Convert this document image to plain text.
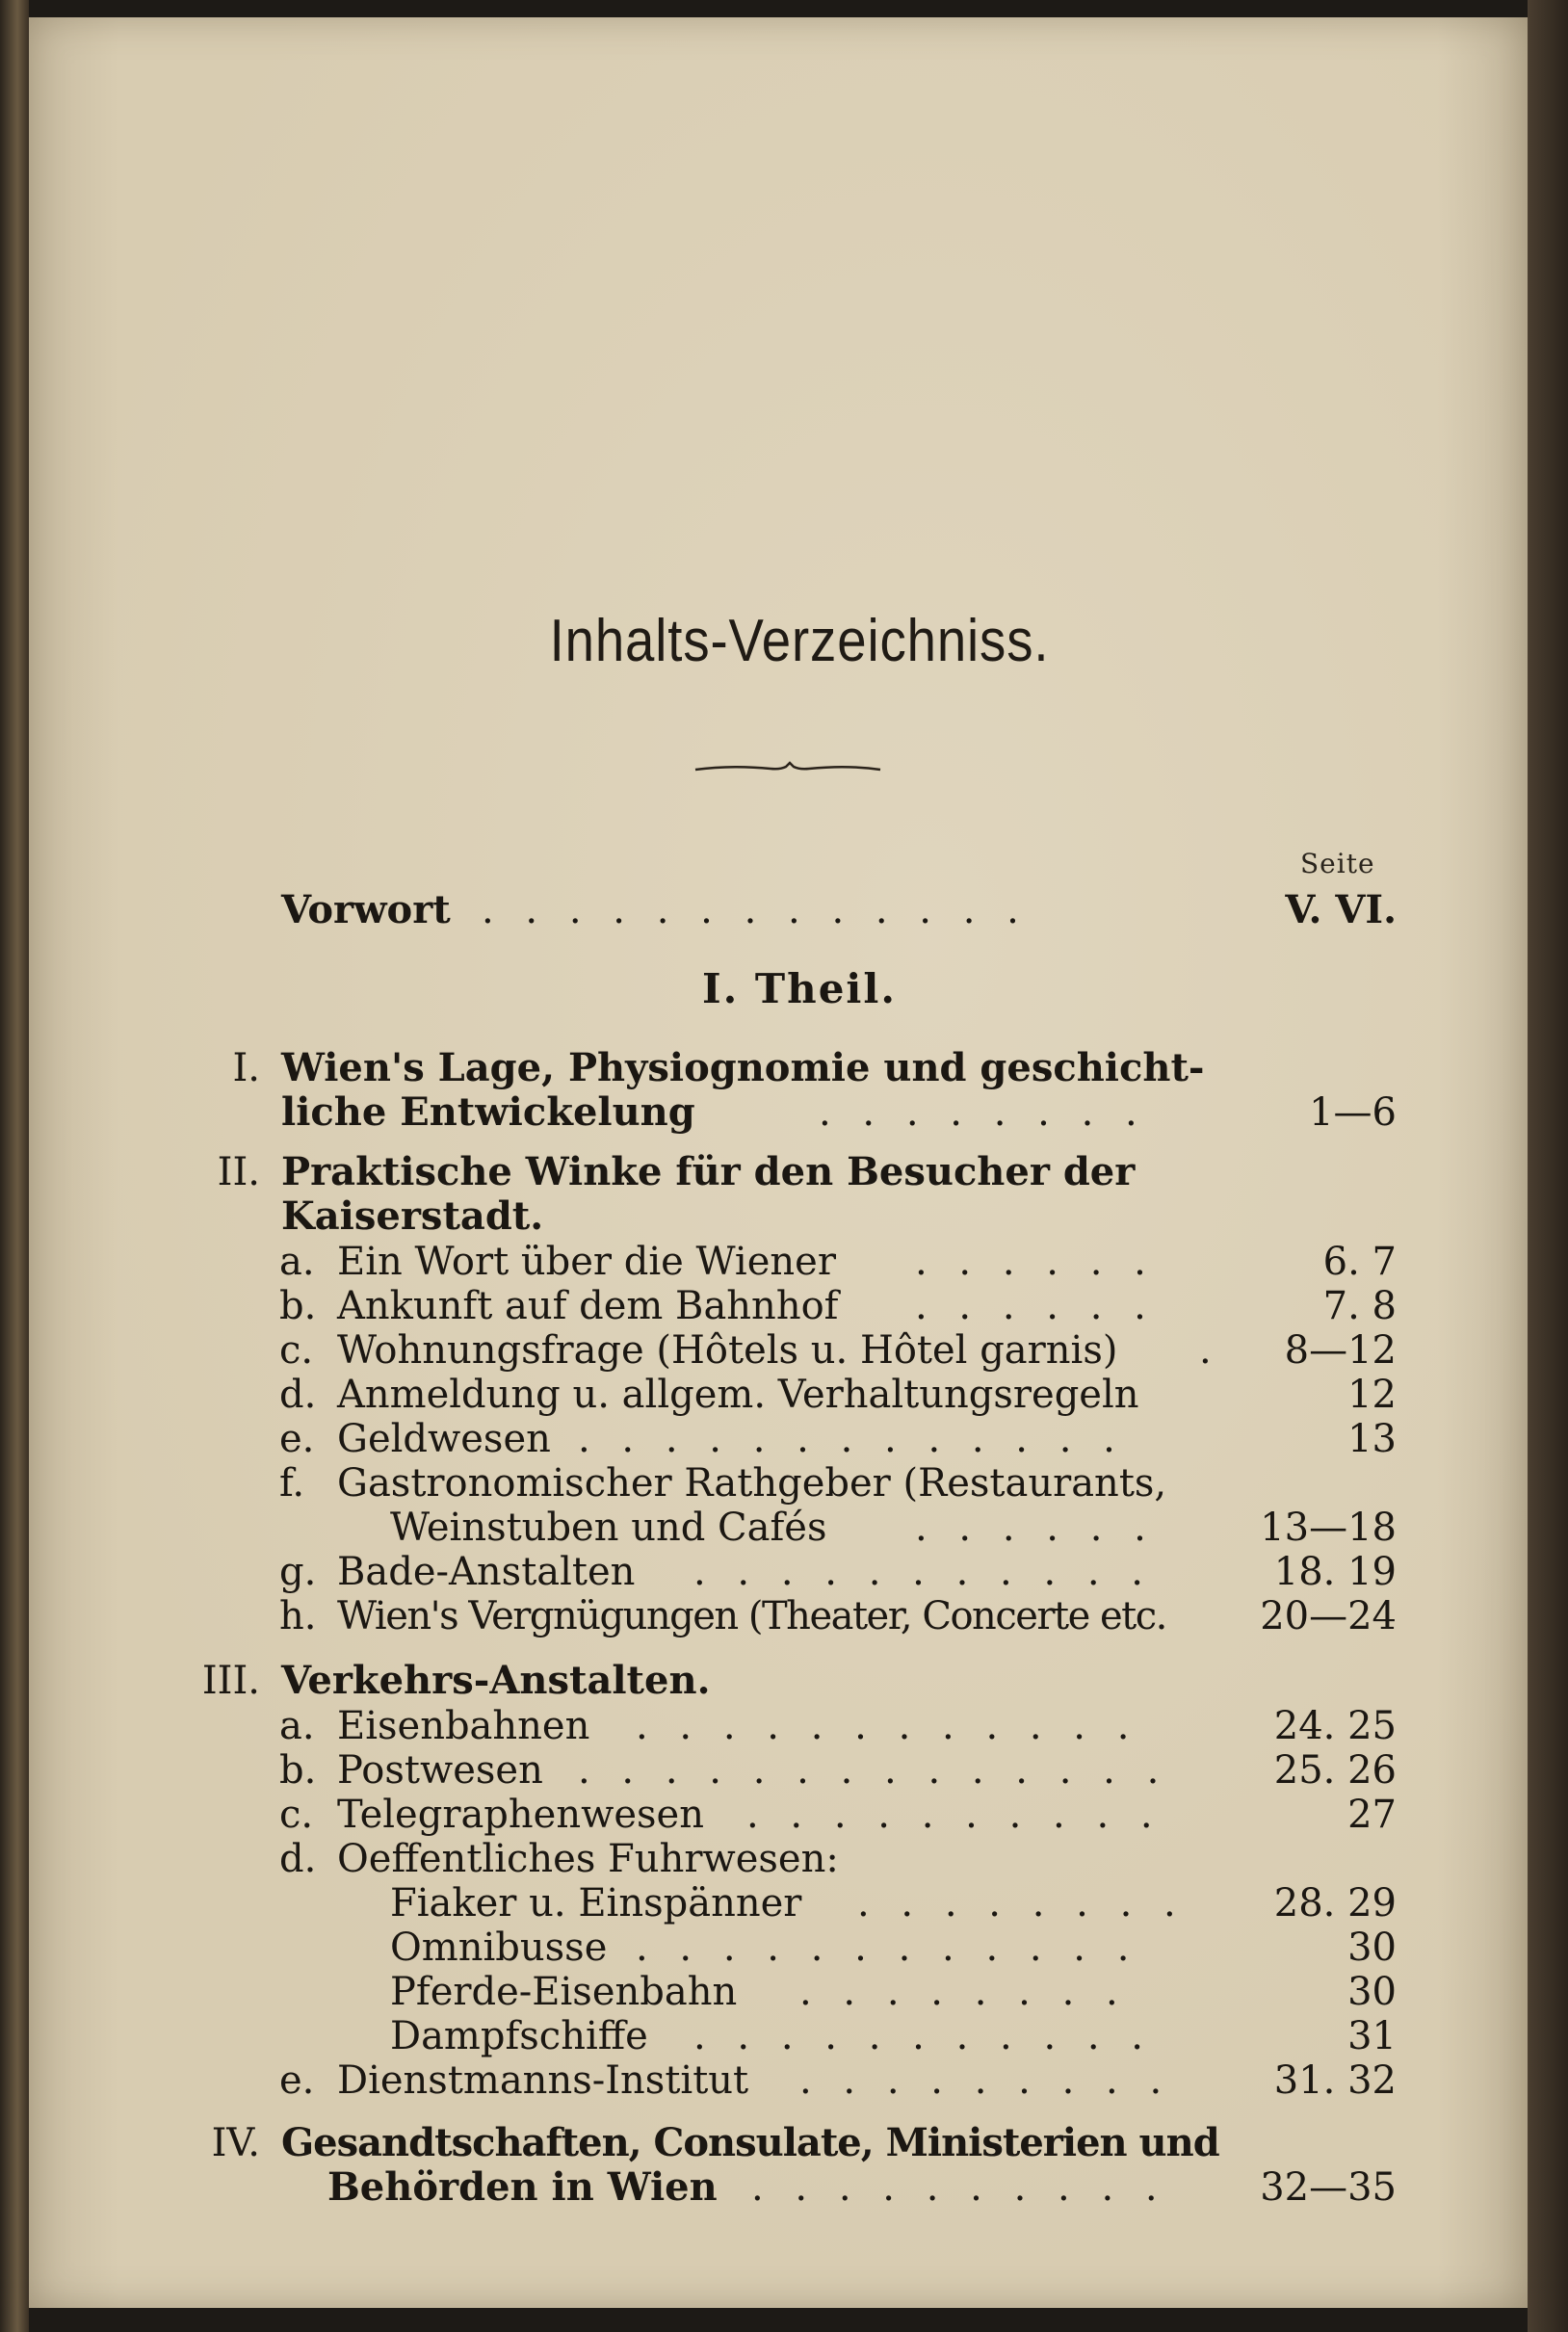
Inhalts-Verzeichniss.
Seite
Vorwort . . . . . . . . . . . . .	V. VI.
I. Theil.
I. Wien's Lage, Physiognomie und geschicht-
liche Entwickelung	. . . . . . . .	1—6
II. Praktische Winke für den Besucher der
Kaiserstadt.
a. Ein Wort über die Wiener . . . . . .	6. 7
b. Ankunft auf dem Bahnhof . . . . . .	7. 8
c. Wohnungsfrage (Hôtels u. Hôtel garnis) .	8—12
d. Anmeldung u. allgem. Verhaltungsregeln	12
e. Geldwesen . . . . . . . . . . . . .	13
f. Gastronomischer Rathgeber (Restaurants,
Weinstuben und Cafés . . . . . .	13—18
g. Bade-Anstalten . . . . . . . . . . .	18. 19
h. Wien's Vergnügungen (Theater, Concerte etc.	20—24
III. Verkehrs-Anstalten.
a. Eisenbahnen . . . . . . . . . . . .	24. 25
b. Postwesen . . . . . . . . . . . . . .	25. 26
c. Telegraphenwesen . . . . . . . . . .	27
d. Oeffentliches Fuhrwesen:
Fiaker u. Einspänner . . . . . . . .	28. 29
Omnibusse . . . . . . . . . . . .	30
Pferde-Eisenbahn . . . . . . . .	30
Dampfschiffe . . . . . . . . . . .	31
e. Dienstmanns-Institut . . . . . . . . .	31. 32
IV. Gesandtschaften, Consulate, Ministerien und
Behörden in Wien . . . . . . . . . .	32—35
